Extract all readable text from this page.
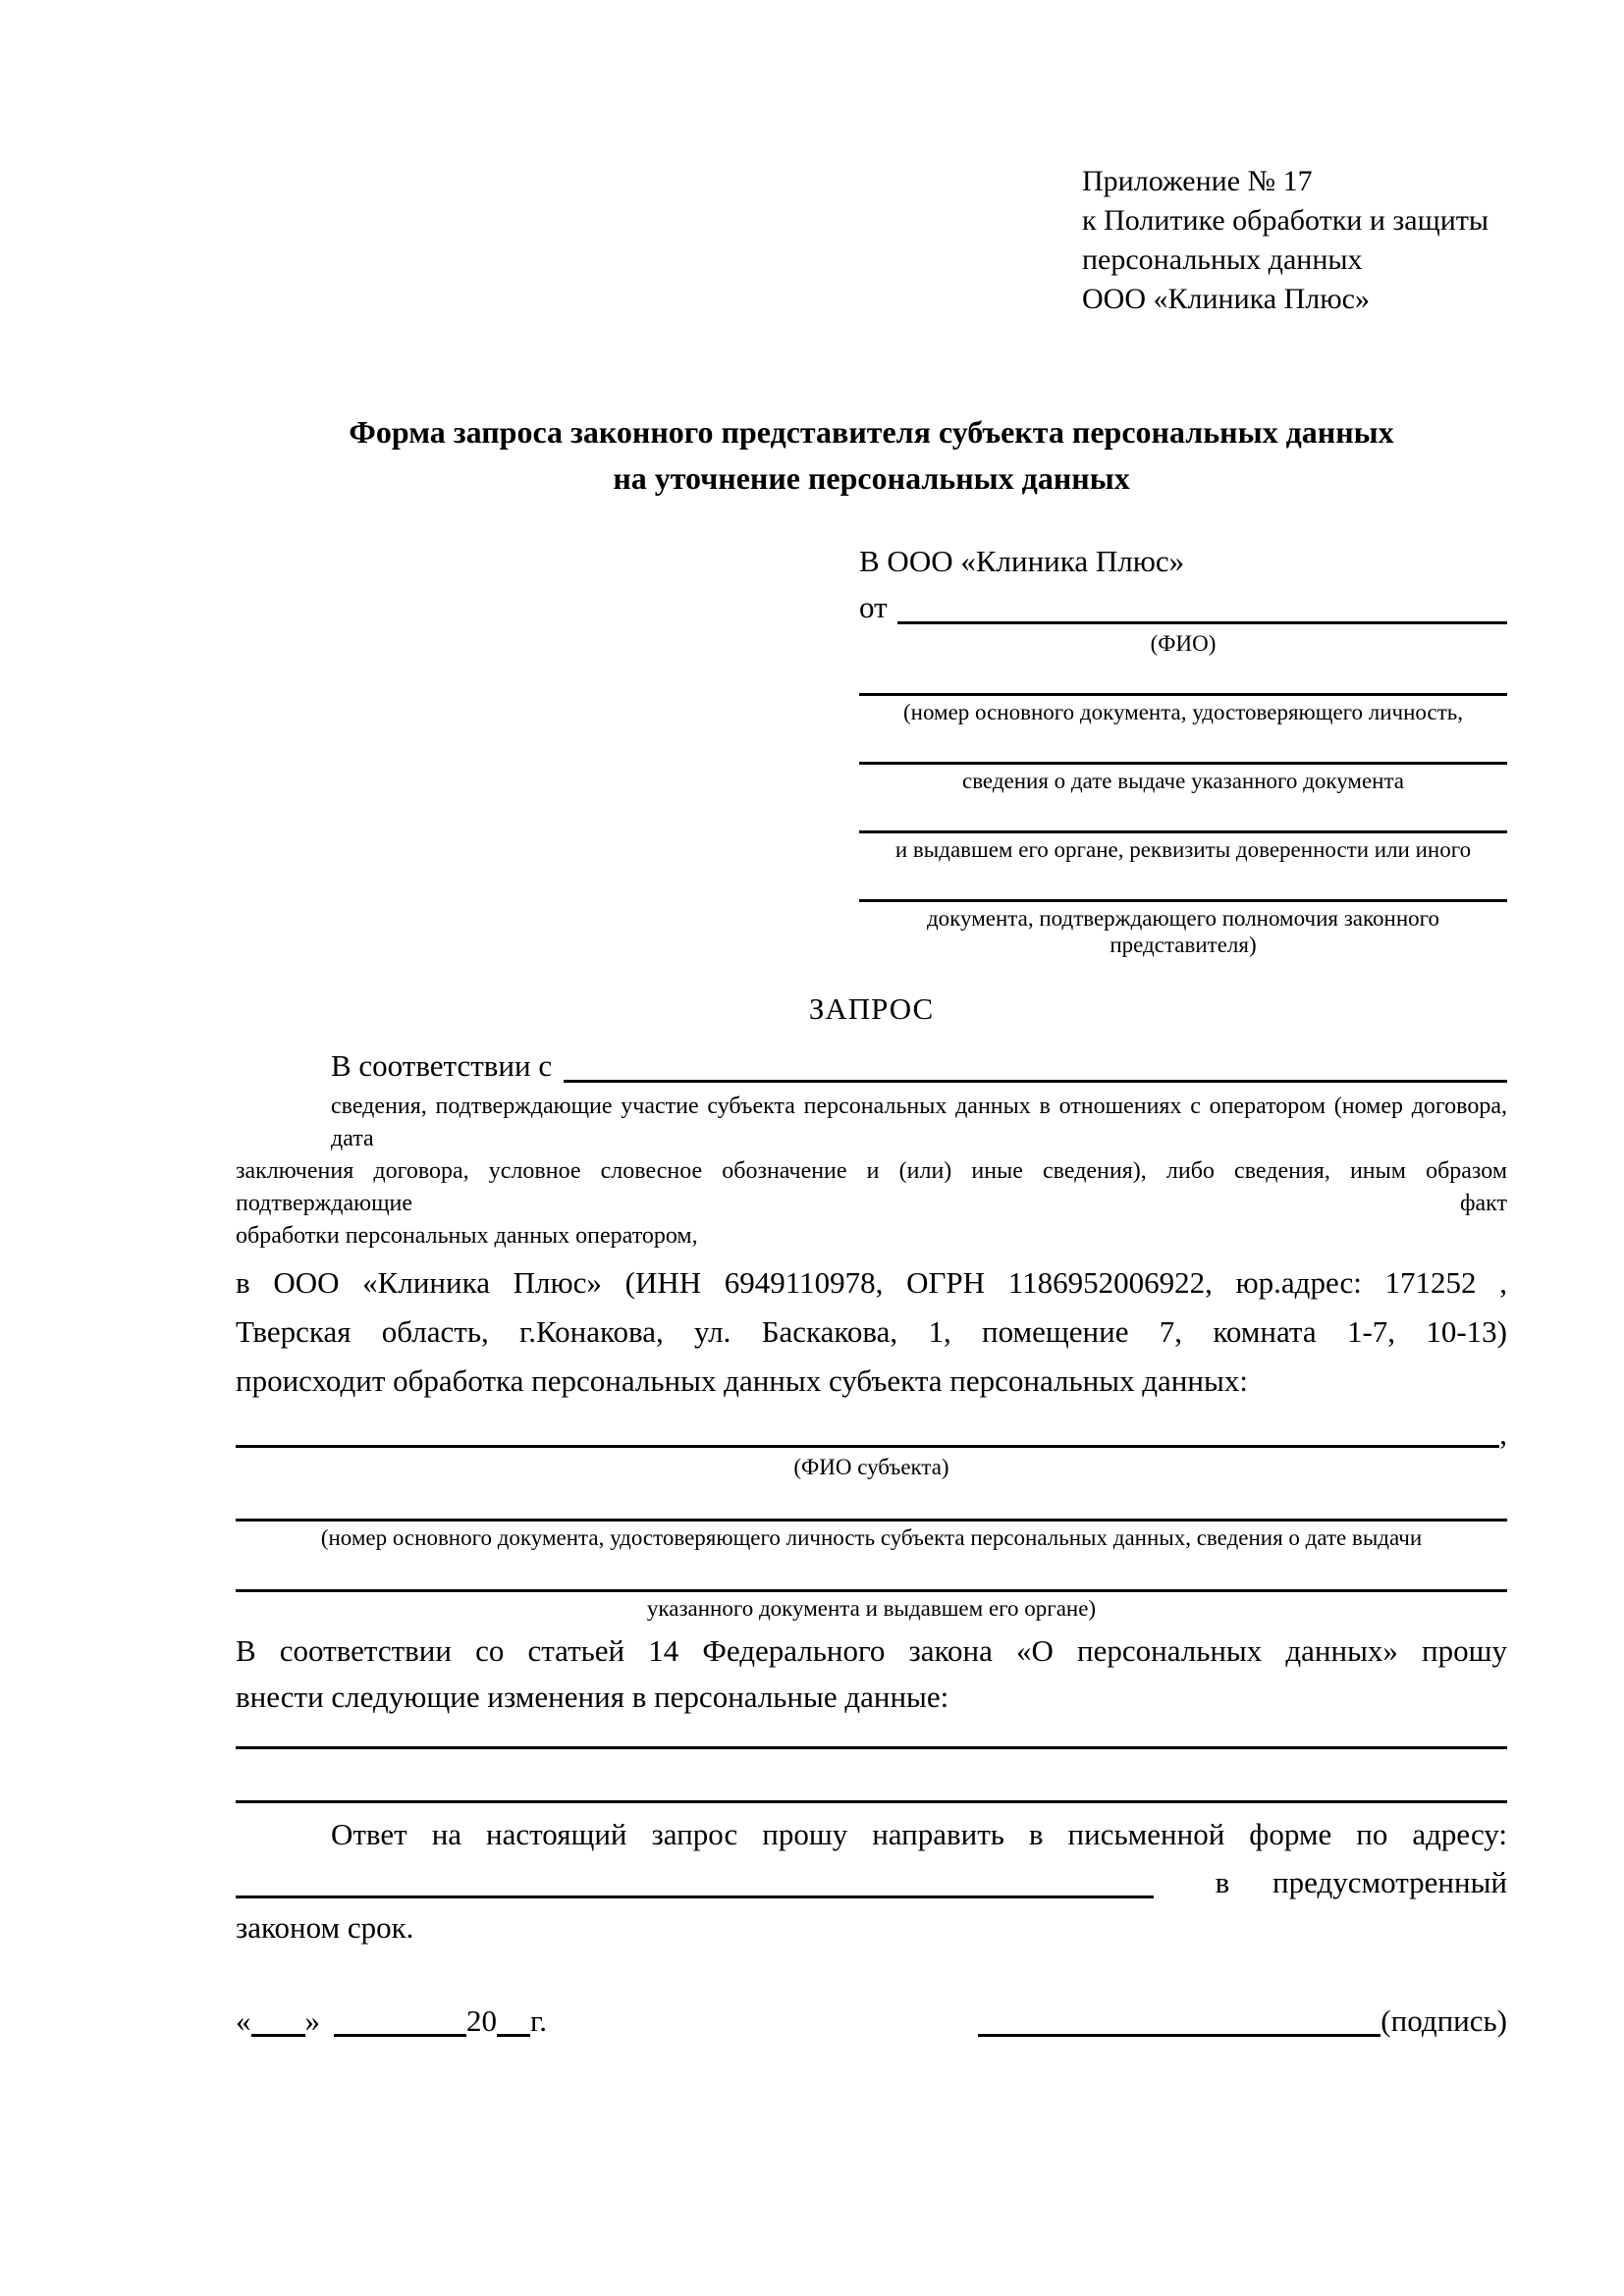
Приложение № 17
к Политике обработки и защиты
персональных данных
ООО «Клиника Плюс»
Форма запроса законного представителя субъекта персональных данных
на уточнение персональных данных
В ООО «Клиника Плюс»
от
(ФИО)
(номер основного документа, удостоверяющего личность,
сведения о дате выдаче указанного документа
и выдавшем его органе, реквизиты доверенности или иного
документа, подтверждающего полномочия законного представителя)
ЗАПРОС
В соответствии с
сведения, подтверждающие участие субъекта персональных данных в отношениях с оператором (номер договора, дата
заключения договора, условное словесное обозначение и (или) иные сведения), либо сведения, иным образом подтверждающие факт
обработки персональных данных оператором,
в ООО «Клиника Плюс» (ИНН 6949110978, ОГРН 1186952006922, юр.адрес: 171252 ,
Тверская область, г.Конакова, ул. Баскакова, 1, помещение 7, комната 1-7, 10-13)
происходит обработка персональных данных субъекта персональных данных:
,
(ФИО субъекта)
(номер основного документа, удостоверяющего личность субъекта персональных данных, сведения о дате выдачи
указанного документа и выдавшем его органе)
В соответствии со статьей 14 Федерального закона «О персональных данных» прошу
внести следующие изменения в персональные данные:
Ответ на настоящий запрос прошу направить в письменной форме по адресу:
в предусмотренный
законом срок.
« »	20 г.	(подпись)
